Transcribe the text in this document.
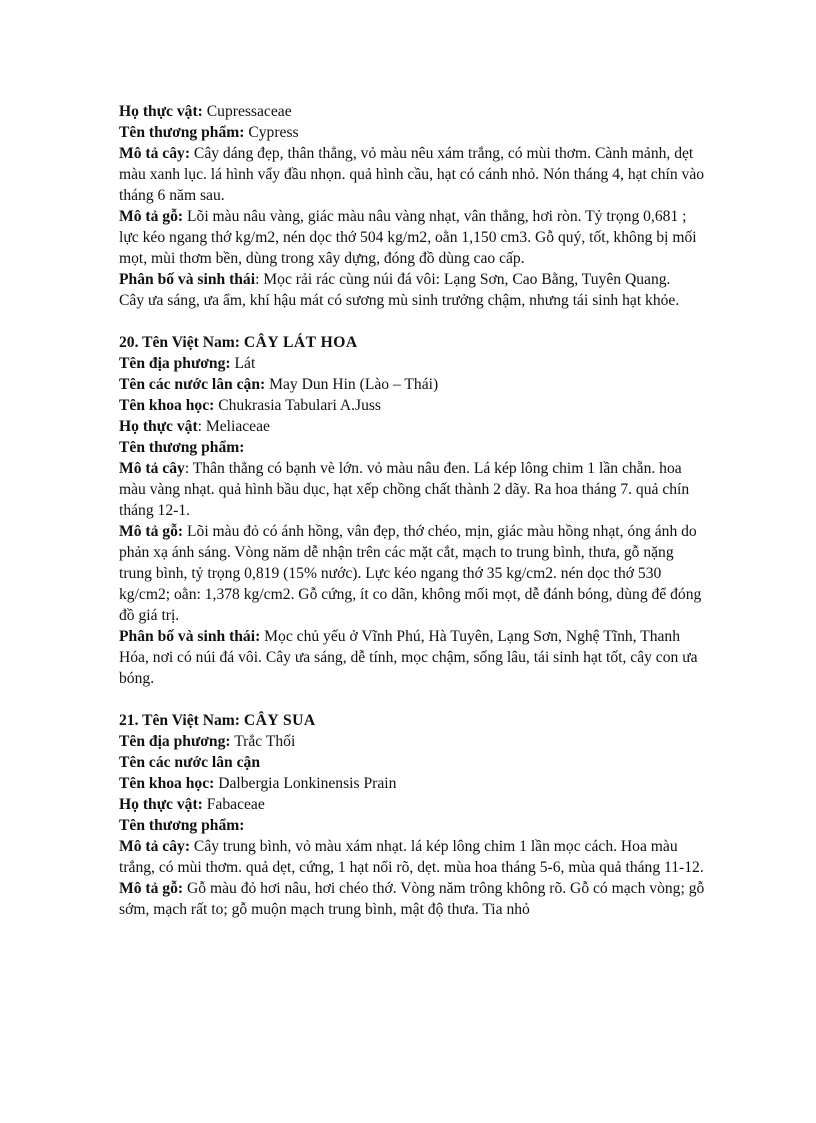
Họ thực vật: Cupressaceae

Tên thương phẩm: Cypress

Mô tả cây: Cây dáng đẹp, thân thẳng, vỏ màu nêu xám trắng, có mùi thơm. Cành mảnh, dẹt màu xanh lục. lá hình vẩy đầu nhọn. quả hình cầu, hạt có cánh nhỏ. Nón tháng 4, hạt chín vào tháng 6 năm sau.

Mô tả gỗ: Lõi màu nâu vàng, giác màu nâu vàng nhạt, vân thẳng, hơi ròn. Tỷ trọng 0,681 ; lực kéo ngang thớ kg/m2, nén dọc thớ 504 kg/m2, oằn 1,150 cm3. Gỗ quý, tốt, không bị mối mọt, mùi thơm bền, dùng trong xây dựng, đóng đồ dùng cao cấp.

Phân bố và sinh thái: Mọc rải rác cùng núi đá vôi: Lạng Sơn, Cao Bằng, Tuyên Quang.

Cây ưa sáng, ưa ẩm, khí hậu mát có sương mù sinh trưởng chậm, nhưng tái sinh hạt khỏe.

20. Tên Việt Nam: CÂY LÁT HOA

Tên địa phương: Lát

Tên các nước lân cận: May Dun Hin (Lào – Thái)

Tên khoa học: Chukrasia Tabulari A.Juss

Họ thực vật: Meliaceae

Tên thương phẩm:

Mô tả cây: Thân thẳng có bạnh vè lớn. vỏ màu nâu đen. Lá kép lông chim 1 lần chẵn. hoa màu vàng nhạt. quả hình bầu dục, hạt xếp chồng chất thành 2 dãy. Ra hoa tháng 7. quả chín tháng 12-1.

Mô tả gỗ: Lõi màu đỏ có ánh hồng, vân đẹp, thớ chéo, mịn, giác màu hồng nhạt, óng ánh do phản xạ ánh sáng. Vòng năm dễ nhận trên các mặt cắt, mạch to trung bình, thưa, gỗ nặng trung bình, tỷ trọng 0,819 (15% nước). Lực kéo ngang thớ 35 kg/cm2. nén dọc thớ 530 kg/cm2; oằn: 1,378 kg/cm2. Gỗ cứng, ít co dãn, không mối mọt, dễ đánh bóng, dùng để đóng đồ giá trị.

Phân bố và sinh thái: Mọc chủ yếu ở Vĩnh Phú, Hà Tuyên, Lạng Sơn, Nghệ Tĩnh, Thanh Hóa, nơi có núi đá vôi. Cây ưa sáng, dễ tính, mọc chậm, sống lâu, tái sinh hạt tốt, cây con ưa bóng.

21. Tên Việt Nam: CÂY SUA

Tên địa phương: Trắc Thối

Tên các nước lân cận

Tên khoa học: Dalbergia Lonkinensis Prain

Họ thực vật: Fabaceae

Tên thương phẩm:

Mô tả cây: Cây trung bình, vỏ màu xám nhạt. lá kép lông chim 1 lần mọc cách. Hoa màu trắng, có mùi thơm. quả dẹt, cứng, 1 hạt nổi rõ, dẹt. mùa hoa tháng 5-6, mùa quả tháng 11-12.

Mô tả gỗ: Gỗ màu đỏ hơi nâu, hơi chéo thớ. Vòng năm trông không rõ. Gỗ có mạch vòng; gỗ sớm, mạch rất to; gỗ muộn mạch trung bình, mật độ thưa. Tia nhỏ
